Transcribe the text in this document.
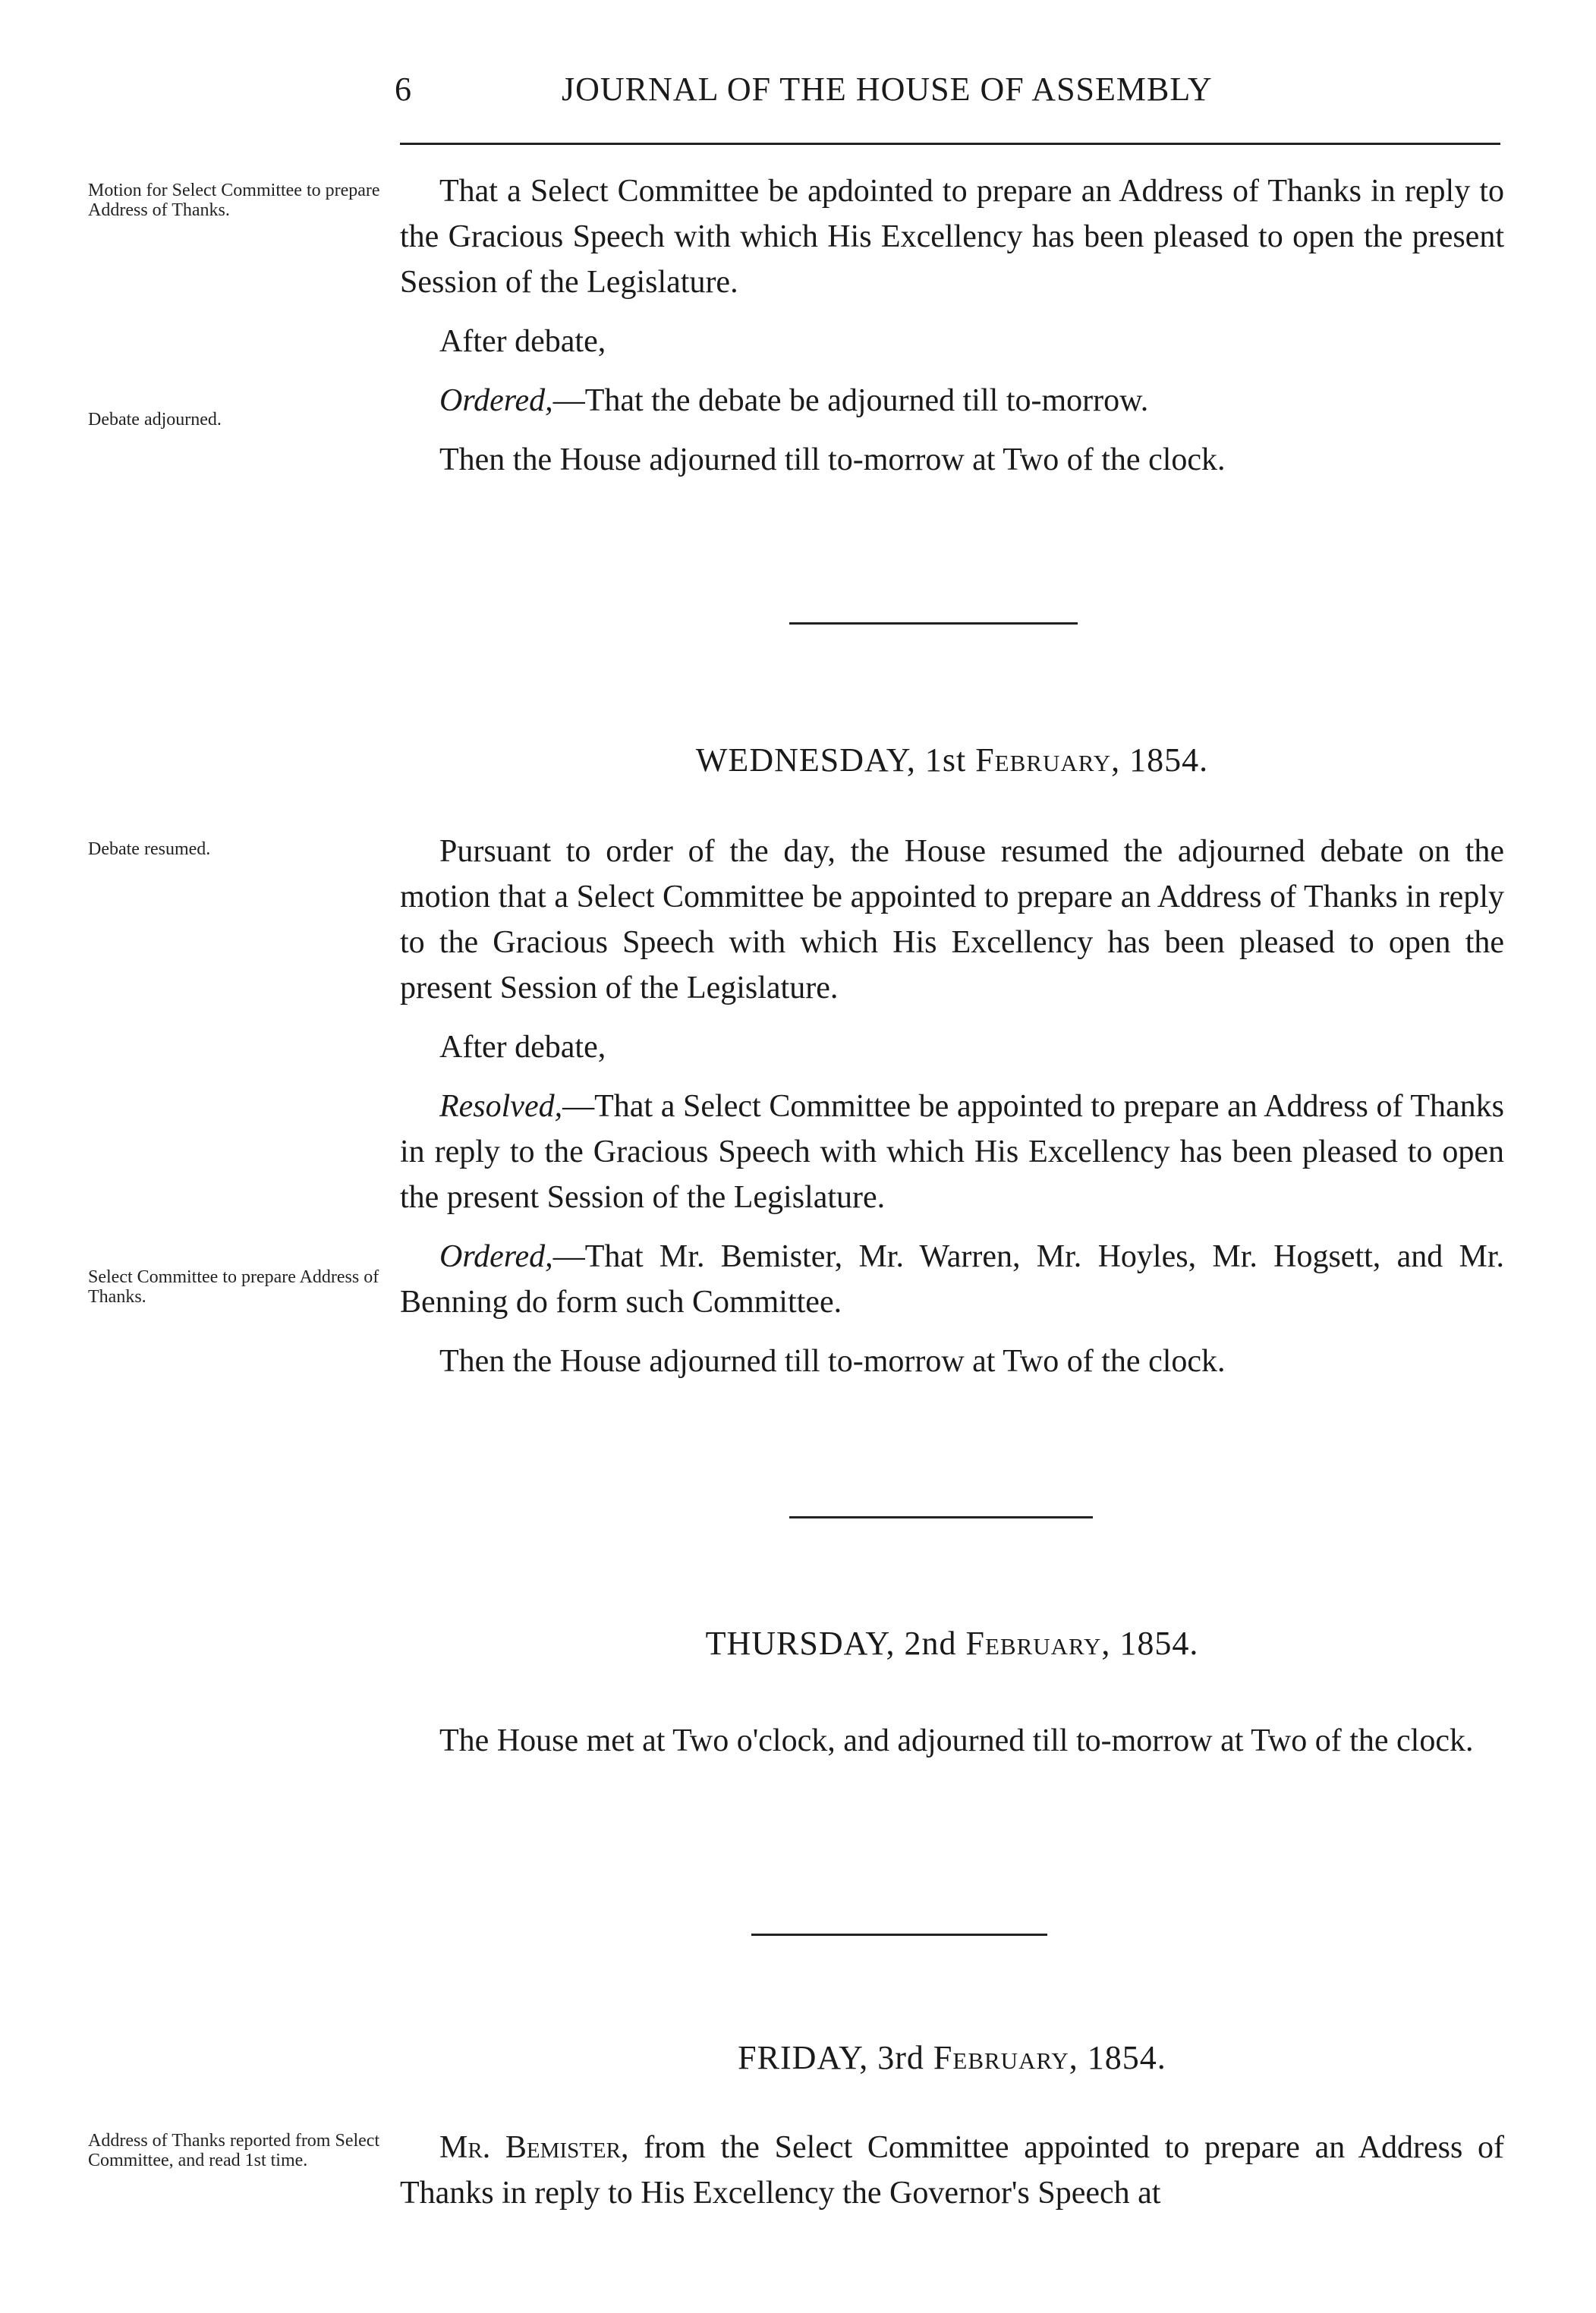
6	JOURNAL OF THE HOUSE OF ASSEMBLY
Motion for Select Committee to prepare Address of Thanks.

That a Select Committee be apdointed to prepare an Address of Thanks in reply to the Gracious Speech with which His Excellency has been pleased to open the present Session of the Legislature.

After debate,

Ordered,—That the debate be adjourned till to-morrow.

Then the House adjourned till to-morrow at Two of the clock.

Debate adjourned.
WEDNESDAY, 1st February, 1854.
Debate resumed.	Pursuant to order of the day, the House resumed the adjourned debate on the motion that a Select Committee be appointed to prepare an Address of Thanks in reply to the Gracious Speech with which His Excellency has been pleased to open the present Session of the Legislature.

After debate,

Resolved,—That a Select Committee be appointed to prepare an Address of Thanks in reply to the Gracious Speech with which His Excellency has been pleased to open the present Session of the Legislature.

Ordered,—That Mr. Bemister, Mr. Warren, Mr. Hoyles, Mr. Hogsett, and Mr. Benning do form such Committee.

Then the House adjourned till to-morrow at Two of the clock.

Select Committee to prepare Address of Thanks.
THURSDAY, 2nd February, 1854.

The House met at Two o'clock, and adjourned till to-morrow at Two of the clock.

FRIDAY, 3rd February, 1854.
Address of Thanks reported from Select Committee, and read 1st time.	Mr. Bemister, from the Select Committee appointed to prepare an Address of Thanks in reply to His Excellency the Governor's Speech at
